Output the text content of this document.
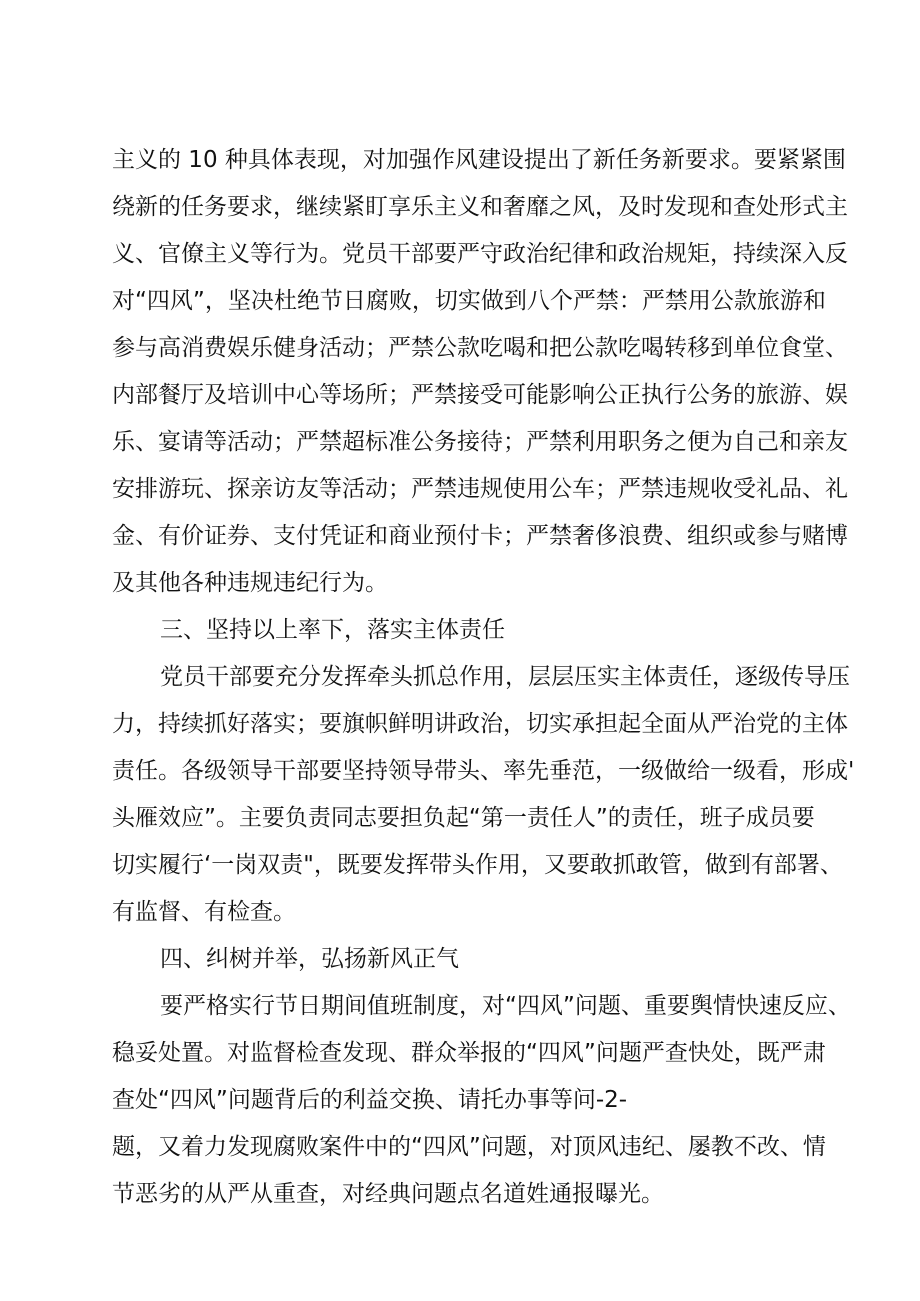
主义的 10 种具体表现，对加强作风建设提出了新任务新要求。要紧紧围
绕新的任务要求，继续紧盯享乐主义和奢靡之风，及时发现和查处形式主
义、官僚主义等行为。党员干部要严守政治纪律和政治规矩，持续深入反
对“四风”，坚决杜绝节日腐败，切实做到八个严禁：严禁用公款旅游和
参与高消费娱乐健身活动；严禁公款吃喝和把公款吃喝转移到单位食堂、
内部餐厅及培训中心等场所；严禁接受可能影响公正执行公务的旅游、娱
乐、宴请等活动；严禁超标准公务接待；严禁利用职务之便为自己和亲友
安排游玩、探亲访友等活动；严禁违规使用公车；严禁违规收受礼品、礼
金、有价证券、支付凭证和商业预付卡；严禁奢侈浪费、组织或参与赌博
及其他各种违规违纪行为。
三、坚持以上率下，落实主体责任
党员干部要充分发挥牵头抓总作用，层层压实主体责任，逐级传导压
力，持续抓好落实；要旗帜鲜明讲政治，切实承担起全面从严治党的主体
责任。各级领导干部要坚持领导带头、率先垂范，一级做给一级看，形成'
头雁效应”。主要负责同志要担负起“第一责任人”的责任，班子成员要
切实履行‘一岗双责"，既要发挥带头作用，又要敢抓敢管，做到有部署、
有监督、有检查。
四、纠树并举，弘扬新风正气
要严格实行节日期间值班制度，对“四风”问题、重要舆情快速反应、
稳妥处置。对监督检查发现、群众举报的“四风”问题严查快处，既严肃
查处“四风”问题背后的利益交换、请托办事等问-2-
题，又着力发现腐败案件中的“四风”问题，对顶风违纪、屡教不改、情
节恶劣的从严从重查，对经典问题点名道姓通报曝光。
